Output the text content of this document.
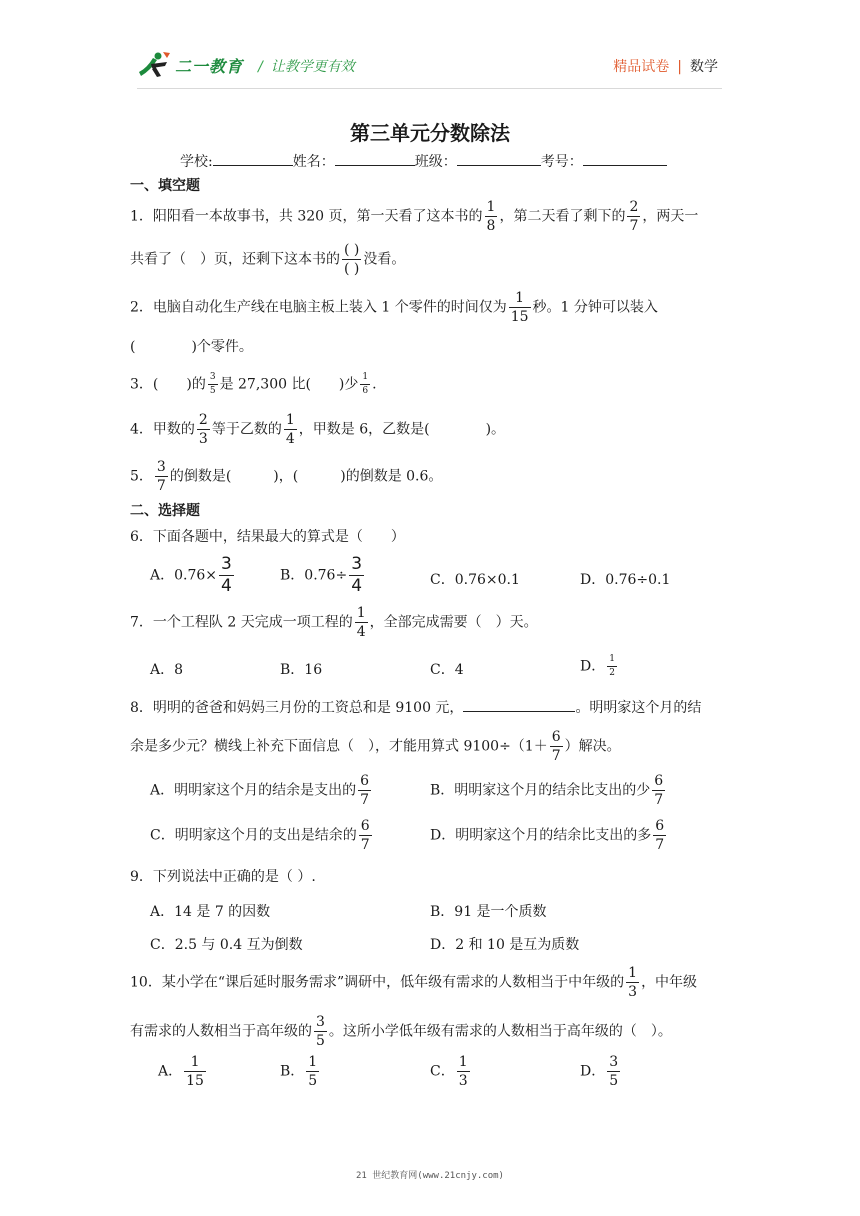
二一教育 / 让教学更有效	精品试卷 | 数学
第三单元分数除法
学校:	姓名：	班级：	考号：
一、填空题
1．阳阳看一本故事书，共 320 页，第一天看了这本书的 $\frac{1}{8}$ ，第二天看了剩下的 $\frac{2}{7}$ ，两天一
共看了（　）页，还剩下这本书的 $\frac{( )}{( )}$ 没看。
2．电脑自动化生产线在电脑主板上装入 1 个零件的时间仅为 $\frac{1}{15}$ 秒。1 分钟可以装入
(　　　　)个零件。
3．(　　)的 $\frac{3}{5}$ 是 27,300 比(　　)少 $\frac{1}{6}$ .
4．甲数的 $\frac{2}{3}$ 等于乙数的 $\frac{1}{4}$ ，甲数是 6，乙数是(　　　　)。
5． $\frac{3}{7}$ 的倒数是(　　　)，(　　　)的倒数是 0.6。
二、选择题
6．下面各题中，结果最大的算式是（　　）
A．$0.76\times \frac{3}{4}$	B．$0.76\div \frac{3}{4}$	C．0.76×0.1	D．0.76÷0.1
7．一个工程队 2 天完成一项工程的 $\frac{1}{4}$ ，全部完成需要（　）天。
A．8	B．16	C．4	D． $\frac{1}{2}$
8．明明的爸爸和妈妈三月份的工资总和是 9100 元，	。明明家这个月的结
余是多少元？横线上补充下面信息（　），才能用算式 $9100\div(1+ \frac{6}{7}$ ）解决。
A．明明家这个月的结余是支出的 $\frac{6}{7}$	B．明明家这个月的结余比支出的少 $\frac{6}{7}$
C．明明家这个月的支出是结余的 $\frac{6}{7}$	D．明明家这个月的结余比支出的多 $\frac{6}{7}$
9．下列说法中正确的是（ ）.
A．14 是 7 的因数	B．91 是一个质数
C．2.5 与 0.4 互为倒数	D．2 和 10 是互为质数
10．某小学在“课后延时服务需求”调研中，低年级有需求的人数相当于中年级的 $\frac{1}{3}$ ，中年级
有需求的人数相当于高年级的 $\frac{3}{5}$ 。这所小学低年级有需求的人数相当于高年级的（　）。
A． $\frac{1}{15}$	B． $\frac{1}{5}$	C． $\frac{1}{3}$	D． $\frac{3}{5}$
21 世纪教育网(www.21cnjy.com)
